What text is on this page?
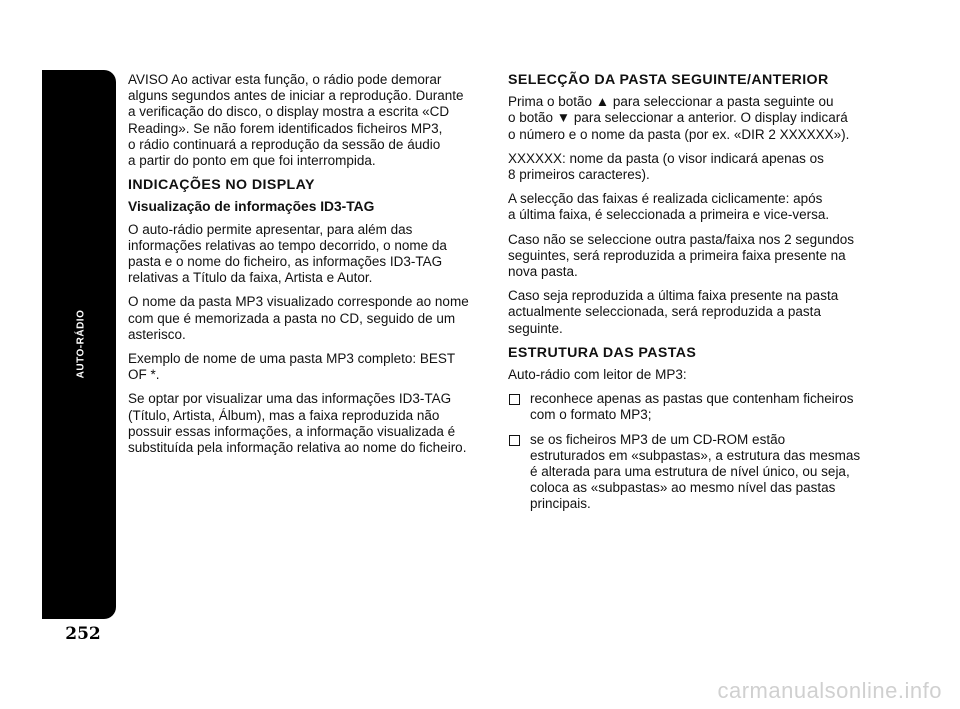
AUTO-RÁDIO
252

AVISO Ao activar esta função, o rádio pode demorar
alguns segundos antes de iniciar a reprodução. Durante
a verificação do disco, o display mostra a escrita «CD
Reading». Se não forem identificados ficheiros MP3,
o rádio continuará a reprodução da sessão de áudio
a partir do ponto em que foi interrompida.

INDICAÇÕES NO DISPLAY
Visualização de informações ID3-TAG

O auto-rádio permite apresentar, para além das
informações relativas ao tempo decorrido, o nome da
pasta e o nome do ficheiro, as informações ID3-TAG
relativas a Título da faixa, Artista e Autor.

O nome da pasta MP3 visualizado corresponde ao nome
com que é memorizada a pasta no CD, seguido de um
asterisco.

Exemplo de nome de uma pasta MP3 completo: BEST
OF *.

Se optar por visualizar uma das informações ID3-TAG
(Título, Artista, Álbum), mas a faixa reproduzida não
possuir essas informações, a informação visualizada é
substituída pela informação relativa ao nome do ficheiro.

SELECÇÃO DA PASTA SEGUINTE/ANTERIOR

Prima o botão ▲ para seleccionar a pasta seguinte ou
o botão ▼ para seleccionar a anterior. O display indicará
o número e o nome da pasta (por ex. «DIR 2 XXXXXX»).

XXXXXX: nome da pasta (o visor indicará apenas os
8 primeiros caracteres).

A selecção das faixas é realizada ciclicamente: após
a última faixa, é seleccionada a primeira e vice-versa.

Caso não se seleccione outra pasta/faixa nos 2 segundos
seguintes, será reproduzida a primeira faixa presente na
nova pasta.

Caso seja reproduzida a última faixa presente na pasta
actualmente seleccionada, será reproduzida a pasta
seguinte.

ESTRUTURA DAS PASTAS

Auto-rádio com leitor de MP3:

reconhece apenas as pastas que contenham ficheiros
com o formato MP3;
se os ficheiros MP3 de um CD-ROM estão
estruturados em «subpastas», a estrutura das mesmas
é alterada para uma estrutura de nível único, ou seja,
coloca as «subpastas» ao mesmo nível das pastas
principais.
carmanualsonline.info
